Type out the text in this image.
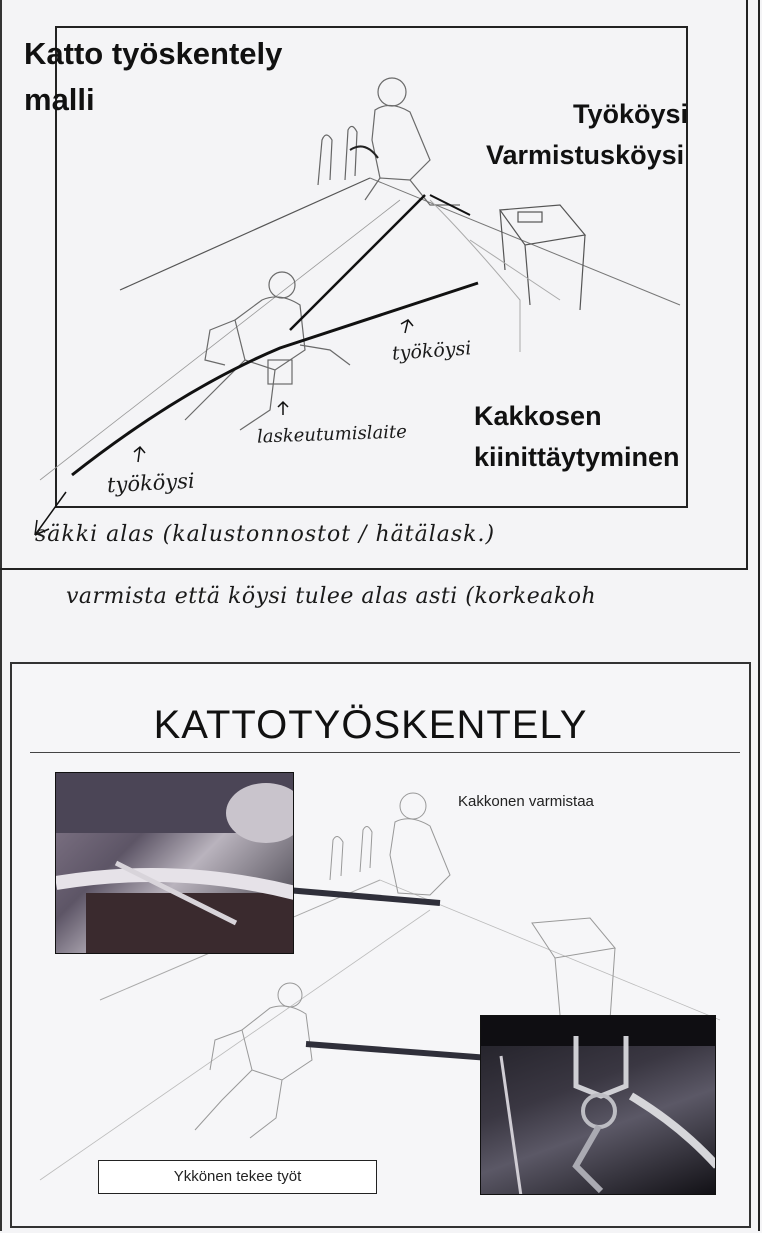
Katto työskentely
malli	Työköysi
Varmistusköysi
Kakkosen
kiinittäytyminen
työköysi
laskeutumislaite
työköysi
säkki alas (kalustonnostot / hätälask.)
varmista että köysi tulee alas asti (korkeakoh
KATTOTYÖSKENTELY
Kakkonen varmistaa
Ykkönen tekee työt
